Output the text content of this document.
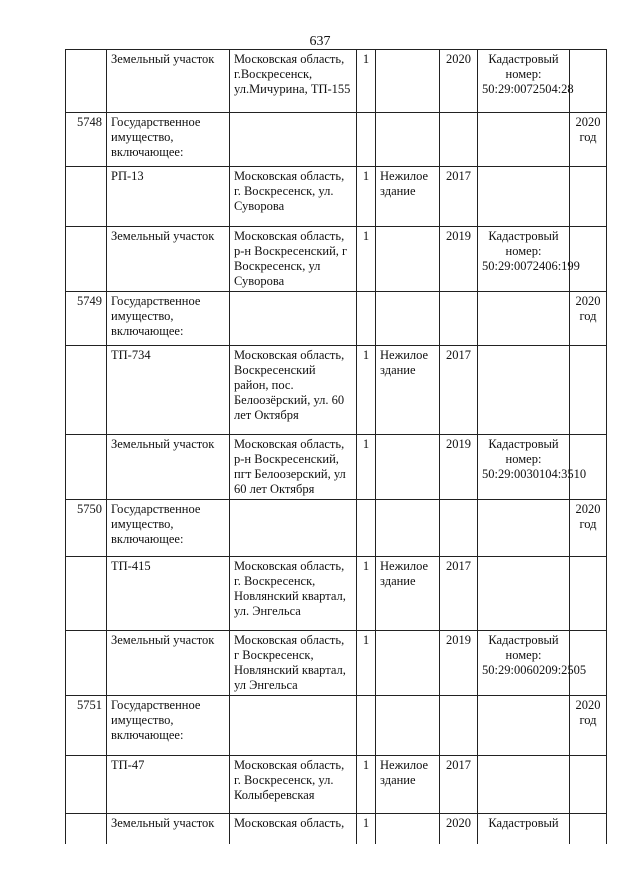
637
	Земельный участок	Московская область, г.Воскресенск, ул.Мичурина, ТП-155	1		2020	Кадастровый номер: 50:29:0072504:28	
5748	Государственное имущество, включающее:						2020 год
	РП-13	Московская область, г. Воскресенск, ул. Суворова	1	Нежилое здание	2017		
	Земельный участок	Московская область, р-н Воскресенский, г Воскресенск, ул Суворова	1		2019	Кадастровый номер: 50:29:0072406:199	
5749	Государственное имущество, включающее:						2020 год
	ТП-734	Московская область, Воскресенский район, пос. Белоозёрский, ул. 60 лет Октября	1	Нежилое здание	2017		
	Земельный участок	Московская область, р-н Воскресенский, пгт Белоозерский, ул 60 лет Октября	1		2019	Кадастровый номер: 50:29:0030104:3510	
5750	Государственное имущество, включающее:						2020 год
	ТП-415	Московская область, г. Воскресенск, Новлянский квартал, ул. Энгельса	1	Нежилое здание	2017		
	Земельный участок	Московская область, г Воскресенск, Новлянский квартал, ул Энгельса	1		2019	Кадастровый номер: 50:29:0060209:2505	
5751	Государственное имущество, включающее:						2020 год
	ТП-47	Московская область, г. Воскресенск, ул. Колыберевская	1	Нежилое здание	2017		
	Земельный участок	Московская область,	1		2020	Кадастровый	
